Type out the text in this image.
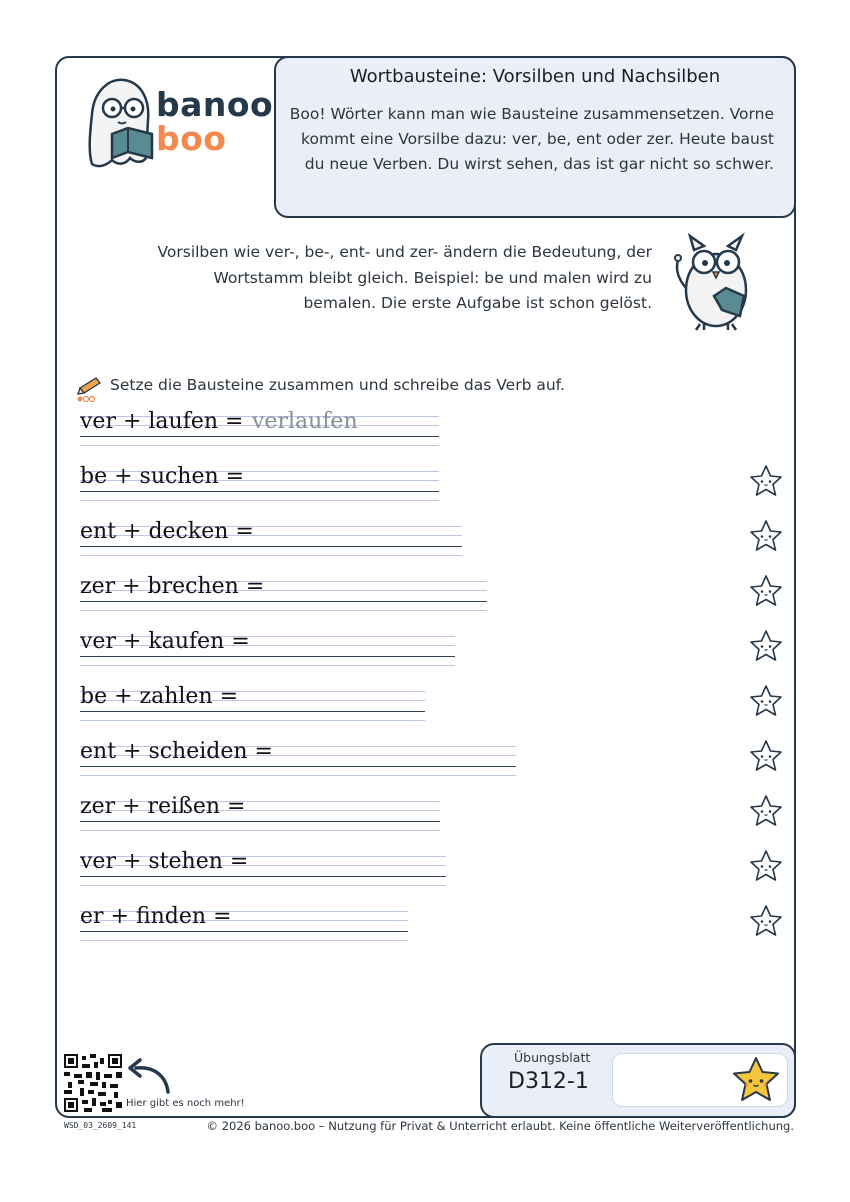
banoo
boo
Wortbausteine: Vorsilben und Nachsilben

Boo! Wörter kann man wie Bausteine zusammensetzen. Vorne kommt eine Vorsilbe dazu: ver, be, ent oder zer. Heute baust du neue Verben. Du wirst sehen, das ist gar nicht so schwer.

Vorsilben wie ver-, be-, ent- und zer- ändern die Bedeutung, der Wortstamm bleibt gleich. Beispiel: be und malen wird zu bemalen. Die erste Aufgabe ist schon gelöst.

Setze die Bausteine zusammen und schreibe das Verb auf.
ver + laufen = verlaufen
be + suchen =
ent + decken =
zer + brechen =
ver + kaufen =
be + zahlen =
ent + scheiden =
zer + reißen =
ver + stehen =
er + finden =
Hier gibt es noch mehr!
Übungsblatt
D312-1
WSD_03_2609_141	© 2026 banoo.boo – Nutzung für Privat & Unterricht erlaubt. Keine öffentliche Weiterveröffentlichung.
